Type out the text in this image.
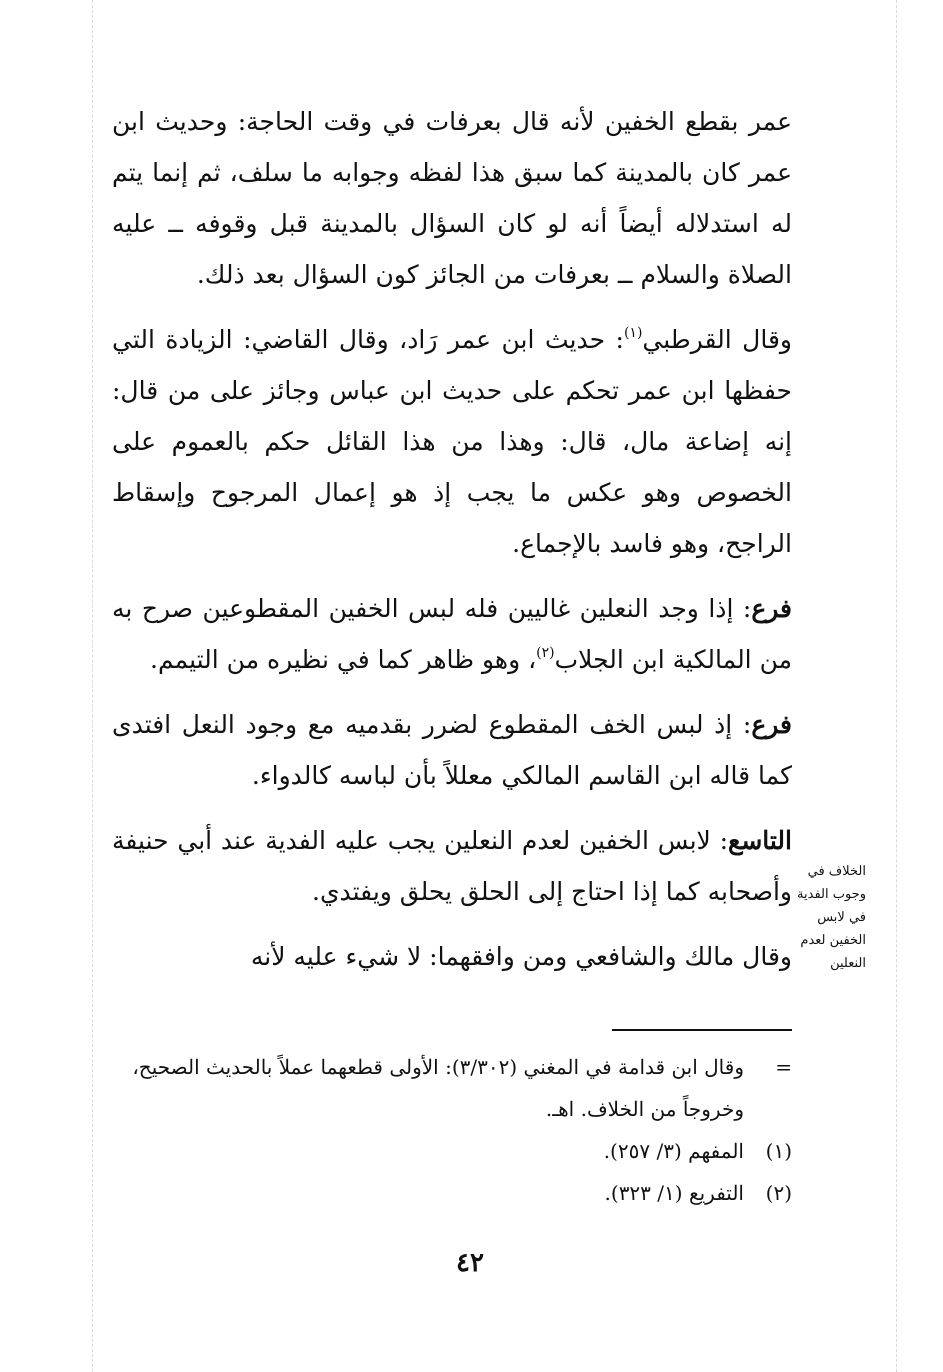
عمر بقطع الخفين لأنه قال بعرفات في وقت الحاجة: وحديث ابن عمر كان بالمدينة كما سبق هذا لفظه وجوابه ما سلف، ثم إنما يتم له استدلاله أيضاً أنه لو كان السؤال بالمدينة قبل وقوفه ــ عليه الصلاة والسلام ــ بعرفات من الجائز كون السؤال بعد ذلك.

وقال القرطبي$^{(١)}$: حديث ابن عمر رَاد، وقال القاضي: الزيادة التي حفظها ابن عمر تحكم على حديث ابن عباس وجائز على من قال: إنه إضاعة مال، قال: وهذا من هذا القائل حكم بالعموم على الخصوص وهو عكس ما يجب إذ هو إعمال المرجوح وإسقاط الراجح، وهو فاسد بالإجماع.

فرع: إذا وجد النعلين غاليين فله لبس الخفين المقطوعين صرح به من المالكية ابن الجلاب$^{(٢)}$، وهو ظاهر كما في نظيره من التيمم.

فرع: إذ لبس الخف المقطوع لضرر بقدميه مع وجود النعل افتدى كما قاله ابن القاسم المالكي معللاً بأن لباسه كالدواء.

التاسع: لابس الخفين لعدم النعلين يجب عليه الفدية عند أبي حنيفة وأصحابه كما إذا احتاج إلى الحلق يحلق ويفتدي.

وقال مالك والشافعي ومن وافقهما: لا شيء عليه لأنه

الخلاف في وجوب الفدية في لابس الخفين لعدم النعلين

=
وقال ابن قدامة في المغني (٣/٣٠٢): الأولى قطعهما عملاً بالحديث الصحيح، وخروجاً من الخلاف. اهـ.

(١)
المفهم (٣/ ٢٥٧).

(٢)
التفريع (١/ ٣٢٣).

٤٢
